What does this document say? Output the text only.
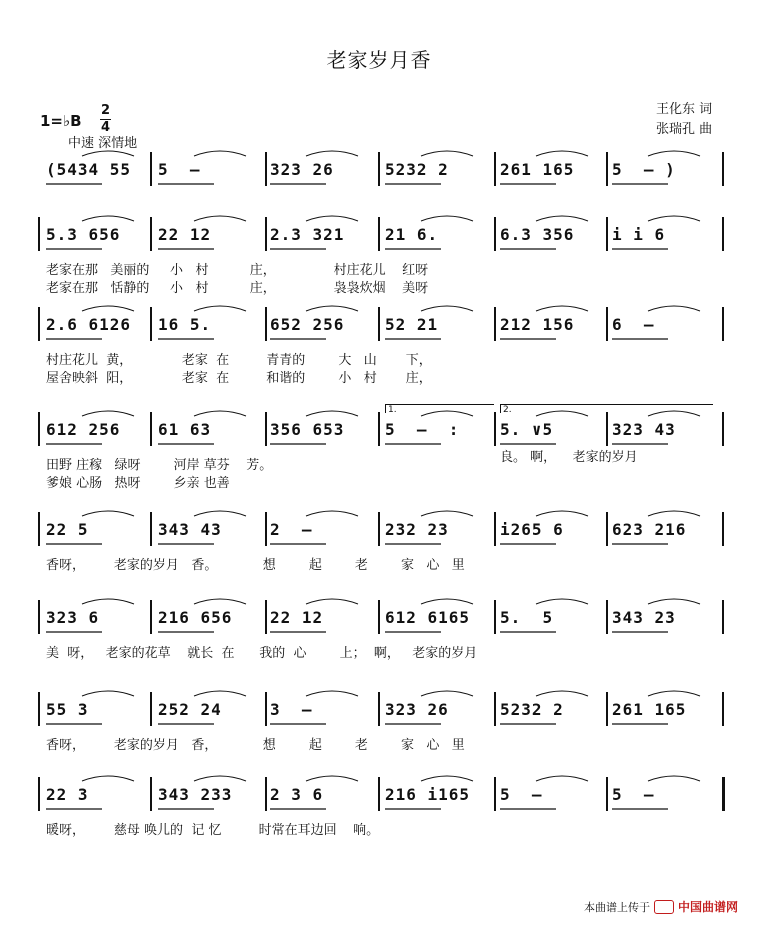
老家岁月香
1=♭B
2
4
中速 深情地
王化东 词
张瑞孔 曲
(5434 55 5  –	323 26	5232 2	261 165 5  – )
5.3 656 22 12	2.3 321	21 6.	6.3 356 i i 6
老家在那   美丽的     小   村          庄，              村庄花儿    红呀
老家在那   恬静的     小   村          庄，              袅袅炊烟    美呀
2.6 6126 16 5.	652 256	52 21	212 156 6  –
村庄花儿  黄，            老家  在         青青的        大   山       下，
屋舍映斜  阳，            老家  在         和谐的        小   村       庄，
612 256 61 63	356 653	5  –  :	5. ∨5	323 43
田野 庄稼   绿呀        河岸 草芬    芳。
爹娘 心肠   热呀        乡亲 也善
良。 啊，    老家的岁月
1.	2.
22 5	343 43	2  –	232 23	i265 6	623 216
香呀，       老家的岁月   香。           想        起        老        家   心   里
323 6	216 656 22 12	612 6165 5.  5	343 23
美  呀，   老家的花草    就长  在      我的  心        上；  啊，   老家的岁月
55 3	252 24	3  –	323 26	5232 2	261 165
香呀，       老家的岁月   香，           想        起        老        家   心   里
22 3	343 233 2 3 6	216 i165 5  –	5  –
暖呀，       慈母 唤儿的  记 忆         时常在耳边回    响。
本曲谱上传于 中国曲谱网
